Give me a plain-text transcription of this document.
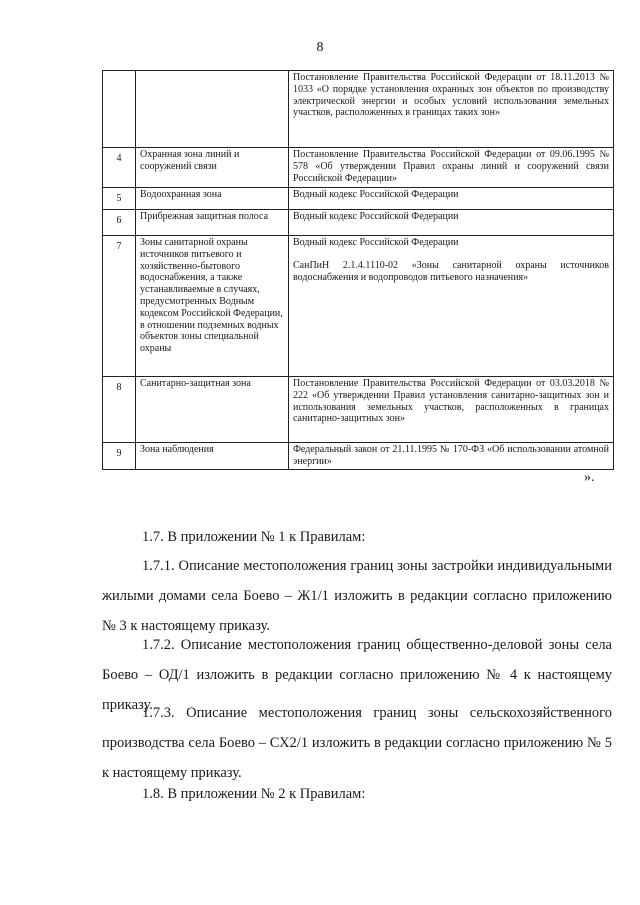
8

		Постановление Правительства Российской Федерации от 18.11.2013 № 1033 «О порядке установления охранных зон объектов по производству электрической энергии и особых условий использования земельных участков, расположенных в границах таких зон»

4	Охранная зона линий и сооружений связи	Постановление Правительства Российской Федерации от 09.06.1995 № 578 «Об утверждении Правил охраны линий и сооружений связи Российской Федерации»

5	Водоохранная зона	Водный кодекс Российской Федерации

6	Прибрежная защитная полоса	Водный кодекс Российской Федерации

7	Зоны санитарной охраны источников питьевого и хозяйственно-бытового водоснабжения, а также устанавливаемые в случаях, предусмотренных Водным кодексом Российской Федерации, в отношении подземных водных объектов зоны специальной охраны	Водный кодекс Российской Федерации
СанПиН 2.1.4.1110-02 «Зоны санитарной охраны источников водоснабжения и водопроводов питьевого назначения»

8	Санитарно-защитная зона	Постановление Правительства Российской Федерации от 03.03.2018 № 222 «Об утверждении Правил установления санитарно-защитных зон и использования земельных участков, расположенных в границах санитарно-защитных зон»

9	Зона наблюдения	Федеральный закон от 21.11.1995 № 170-ФЗ «Об использовании атомной энергии»
».

1.7. В приложении № 1 к Правилам:

1.7.1. Описание местоположения границ зоны застройки индивидуальными жилыми домами села Боево – Ж1/1 изложить в редакции согласно приложению № 3 к настоящему приказу.

1.7.2. Описание местоположения границ общественно-деловой зоны села Боево – ОД/1 изложить в редакции согласно приложению № 4 к настоящему приказу.

1.7.3. Описание местоположения границ зоны сельскохозяйственного производства села Боево – СХ2/1 изложить в редакции согласно приложению № 5 к настоящему приказу.

1.8. В приложении № 2 к Правилам:
